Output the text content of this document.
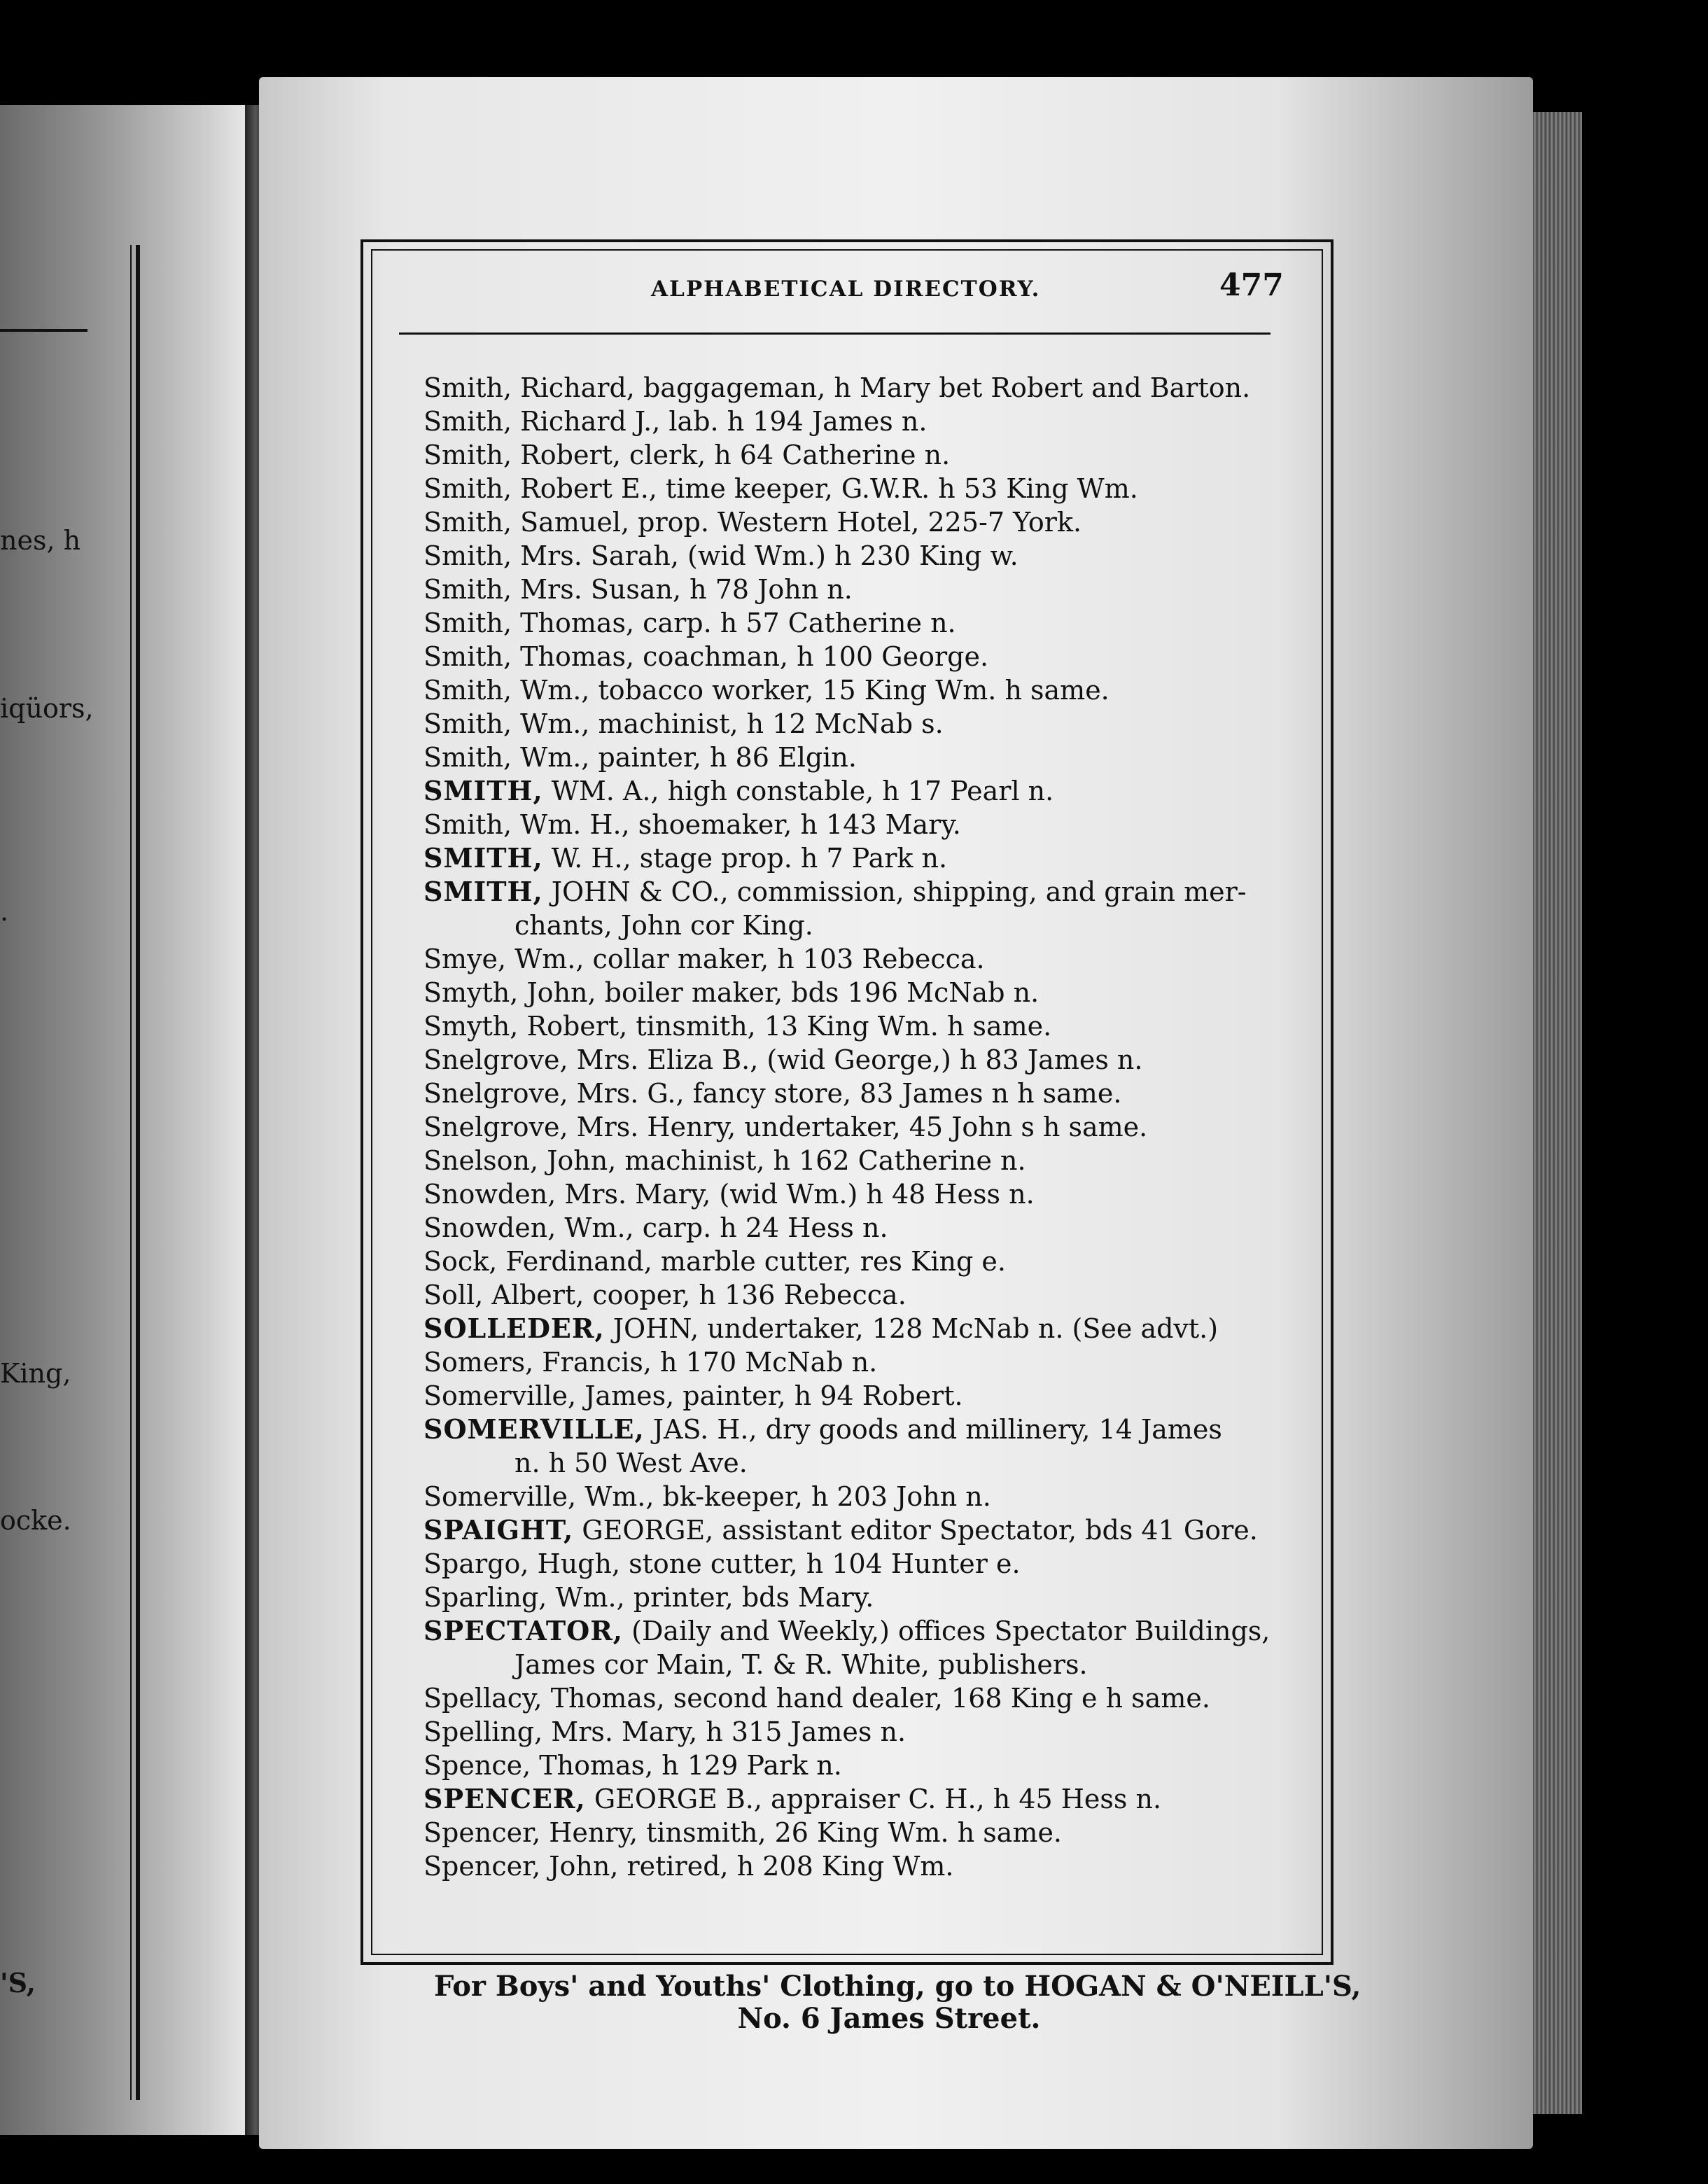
nes, h
iqüors,
.
King,
ocke.
'S,
ALPHABETICAL DIRECTORY.	477
Smith, Richard, baggageman, h Mary bet Robert and Barton.
Smith, Richard J., lab. h 194 James n.
Smith, Robert, clerk, h 64 Catherine n.
Smith, Robert E., time keeper, G.W.R. h 53 King Wm.
Smith, Samuel, prop. Western Hotel, 225-7 York.
Smith, Mrs. Sarah, (wid Wm.) h 230 King w.
Smith, Mrs. Susan, h 78 John n.
Smith, Thomas, carp. h 57 Catherine n.
Smith, Thomas, coachman, h 100 George.
Smith, Wm., tobacco worker, 15 King Wm. h same.
Smith, Wm., machinist, h 12 McNab s.
Smith, Wm., painter, h 86 Elgin.
SMITH, WM. A., high constable, h 17 Pearl n.
Smith, Wm. H., shoemaker, h 143 Mary.
SMITH, W. H., stage prop. h 7 Park n.
SMITH, JOHN & CO., commission, shipping, and grain mer-
chants, John cor King.
Smye, Wm., collar maker, h 103 Rebecca.
Smyth, John, boiler maker, bds 196 McNab n.
Smyth, Robert, tinsmith, 13 King Wm. h same.
Snelgrove, Mrs. Eliza B., (wid George,) h 83 James n.
Snelgrove, Mrs. G., fancy store, 83 James n h same.
Snelgrove, Mrs. Henry, undertaker, 45 John s h same.
Snelson, John, machinist, h 162 Catherine n.
Snowden, Mrs. Mary, (wid Wm.) h 48 Hess n.
Snowden, Wm., carp. h 24 Hess n.
Sock, Ferdinand, marble cutter, res King e.
Soll, Albert, cooper, h 136 Rebecca.
SOLLEDER, JOHN, undertaker, 128 McNab n. (See advt.)
Somers, Francis, h 170 McNab n.
Somerville, James, painter, h 94 Robert.
SOMERVILLE, JAS. H., dry goods and millinery, 14 James
n. h 50 West Ave.
Somerville, Wm., bk-keeper, h 203 John n.
SPAIGHT, GEORGE, assistant editor Spectator, bds 41 Gore.
Spargo, Hugh, stone cutter, h 104 Hunter e.
Sparling, Wm., printer, bds Mary.
SPECTATOR, (Daily and Weekly,) offices Spectator Buildings,
James cor Main, T. & R. White, publishers.
Spellacy, Thomas, second hand dealer, 168 King e h same.
Spelling, Mrs. Mary, h 315 James n.
Spence, Thomas, h 129 Park n.
SPENCER, GEORGE B., appraiser C. H., h 45 Hess n.
Spencer, Henry, tinsmith, 26 King Wm. h same.
Spencer, John, retired, h 208 King Wm.
For Boys' and Youths' Clothing, go to HOGAN & O'NEILL'S,
No. 6 James Street.
